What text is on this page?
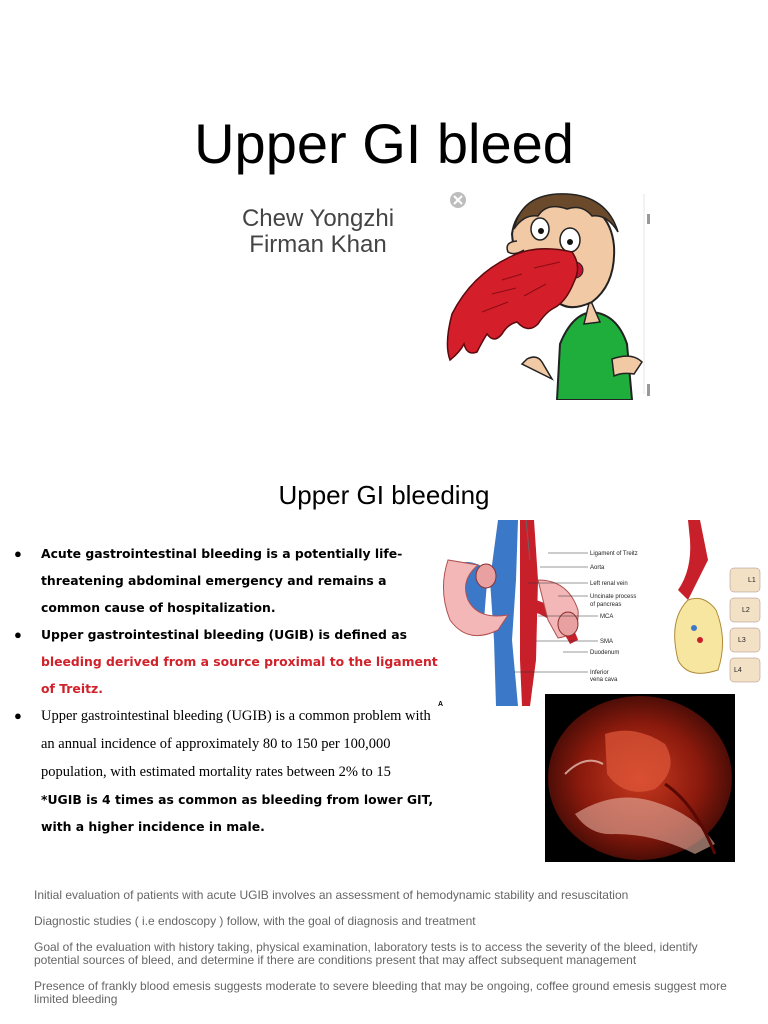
Upper GI bleed
Chew Yongzhi
Firman Khan
Upper GI bleeding
● Acute gastrointestinal bleeding is a potentially life-threatening abdominal emergency and remains a common cause of hospitalization.
● Upper gastrointestinal bleeding (UGIB) is defined as bleeding derived from a source proximal to the ligament of Treitz.
● Upper gastrointestinal bleeding (UGIB) is a common problem with an annual incidence of approximately 80 to 150 per 100,000 population, with estimated mortality rates between 2% to 15
*UGIB is 4 times as common as bleeding from lower GIT, with a higher incidence in male.
Ligament of Treitz
Aorta
Left renal vein
Uncinate process
of pancreas
MCA
SMA
Duodenum
Inferior
vena cava
A
L1
L2
L3
L4

Initial evaluation of patients with acute UGIB involves an assessment of hemodynamic stability and resuscitation

Diagnostic studies ( i.e endoscopy ) follow, with the goal of diagnosis and treatment

Goal of the evaluation with history taking, physical examination, laboratory tests is to access the severity of the bleed, identify potential sources of bleed, and determine if there are conditions present that may affect subsequent management

Presence of frankly blood emesis suggests moderate to severe bleeding that may be ongoing, coffee ground emesis suggest more limited bleeding
